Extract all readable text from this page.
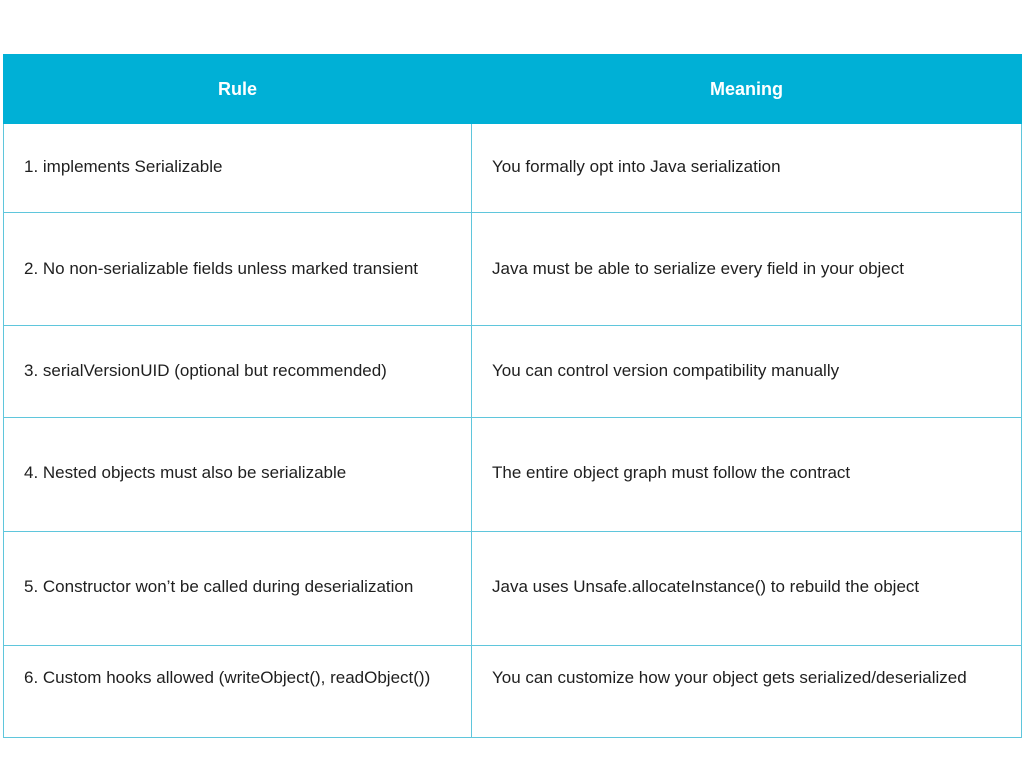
Rule	Meaning

1. implements Serializable	You formally opt into Java serialization

2. No non-serializable fields unless marked transient	Java must be able to serialize every field in your object

3. serialVersionUID (optional but recommended)	You can control version compatibility manually

4. Nested objects must also be serializable	The entire object graph must follow the contract

5. Constructor won’t be called during deserialization	Java uses Unsafe.allocateInstance() to rebuild the object

6. Custom hooks allowed (writeObject(), readObject())	You can customize how your object gets serialized/deserialized
